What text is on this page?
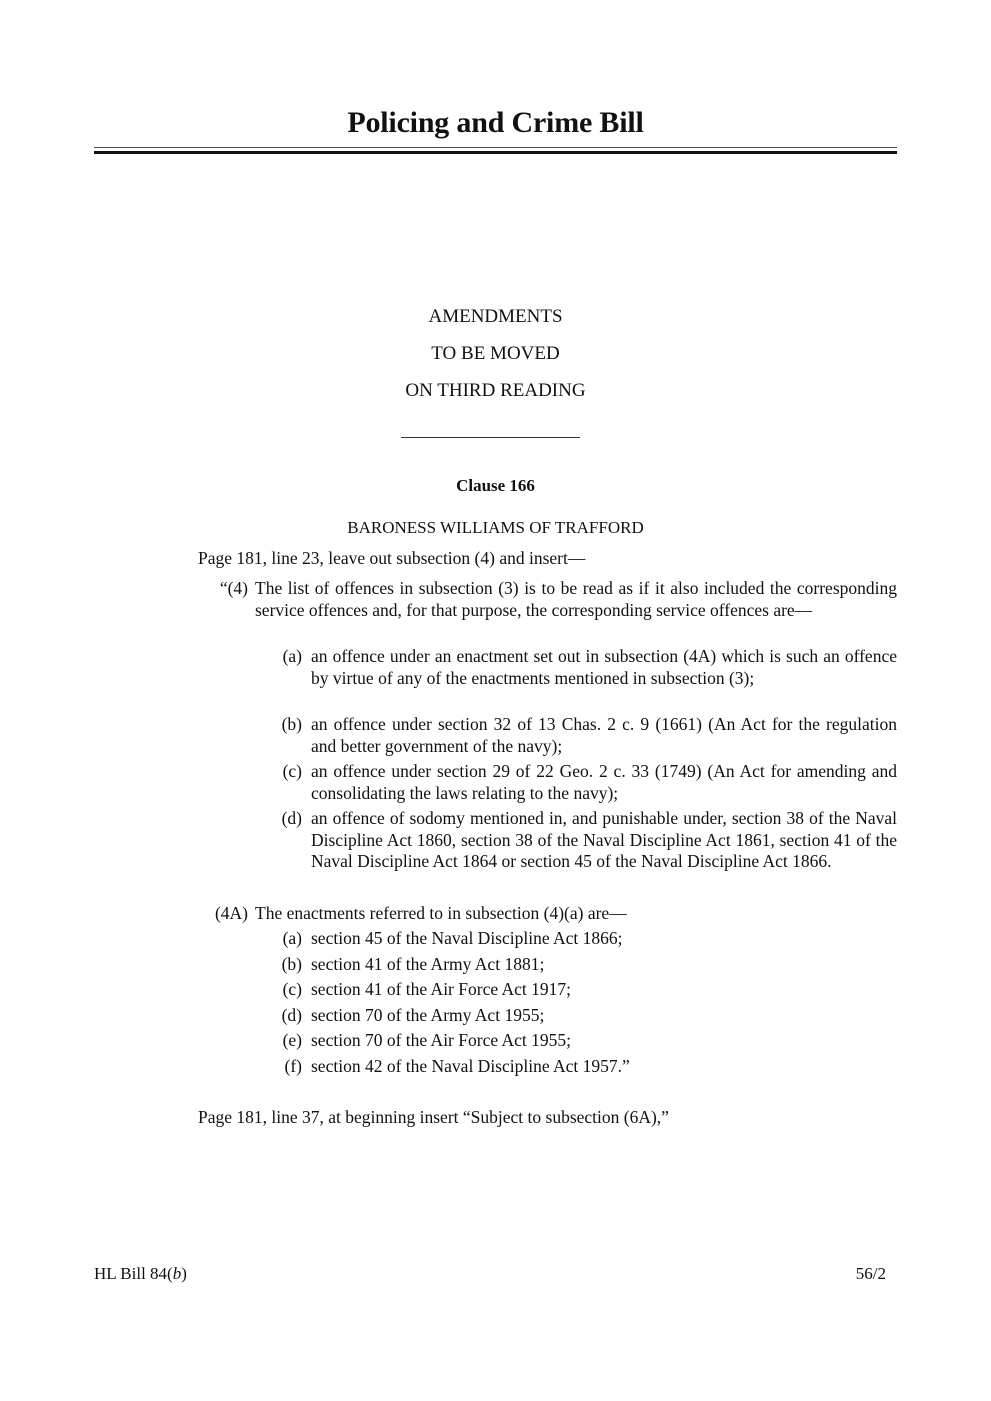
Policing and Crime Bill
AMENDMENTS
TO BE MOVED
ON THIRD READING
Clause 166
BARONESS WILLIAMS OF TRAFFORD
Page 181, line 23, leave out subsection (4) and insert—
“(4) The list of offences in subsection (3) is to be read as if it also included the corresponding service offences and, for that purpose, the corresponding service offences are—
(a) an offence under an enactment set out in subsection (4A) which is such an offence by virtue of any of the enactments mentioned in subsection (3);
(b) an offence under section 32 of 13 Chas. 2 c. 9 (1661) (An Act for the regulation and better government of the navy);
(c) an offence under section 29 of 22 Geo. 2 c. 33 (1749) (An Act for amending and consolidating the laws relating to the navy);
(d) an offence of sodomy mentioned in, and punishable under, section 38 of the Naval Discipline Act 1860, section 38 of the Naval Discipline Act 1861, section 41 of the Naval Discipline Act 1864 or section 45 of the Naval Discipline Act 1866.
(4A) The enactments referred to in subsection (4)(a) are—
(a) section 45 of the Naval Discipline Act 1866;
(b) section 41 of the Army Act 1881;
(c) section 41 of the Air Force Act 1917;
(d) section 70 of the Army Act 1955;
(e) section 70 of the Air Force Act 1955;
(f) section 42 of the Naval Discipline Act 1957.”
Page 181, line 37, at beginning insert “Subject to subsection (6A),”
HL Bill 84(b)	56/2
